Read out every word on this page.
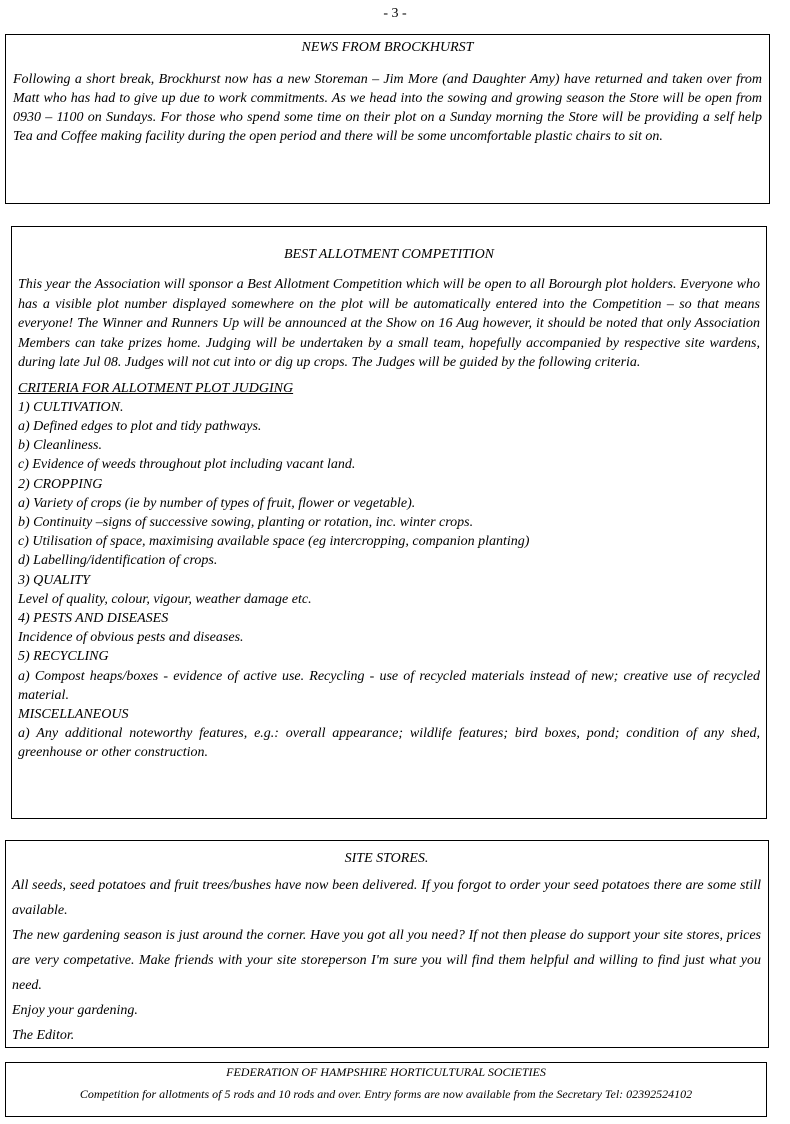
- 3 -
NEWS FROM BROCKHURST

Following a short break, Brockhurst now has a new Storeman – Jim More (and Daughter Amy) have returned and taken over from Matt who has had to give up due to work commitments. As we head into the sowing and growing season the Store will be open from 0930 – 1100 on Sundays. For those who spend some time on their plot on a Sunday morning the Store will be providing a self help Tea and Coffee making facility during the open period and there will be some uncomfortable plastic chairs to sit on.

BEST ALLOTMENT COMPETITION

This year the Association will sponsor a Best Allotment Competition which will be open to all Borourgh plot holders. Everyone who has a visible plot number displayed somewhere on the plot will be automatically entered into the Competition – so that means everyone! The Winner and Runners Up will be announced at the Show on 16 Aug however, it should be noted that only Association Members can take prizes home. Judging will be undertaken by a small team, hopefully accompanied by respective site wardens, during late Jul 08. Judges will not cut into or dig up crops. The Judges will be guided by the following criteria.

CRITERIA FOR ALLOTMENT PLOT JUDGING
1) CULTIVATION.
a) Defined edges to plot and tidy pathways.
b) Cleanliness.
c) Evidence of weeds throughout plot including vacant land.
2) CROPPING
a) Variety of crops (ie by number of types of fruit, flower or vegetable).
b) Continuity –signs of successive sowing, planting or rotation, inc. winter crops.
c) Utilisation of space, maximising available space (eg intercropping, companion planting)
d) Labelling/identification of crops.
3) QUALITY
Level of quality, colour, vigour, weather damage etc.
4) PESTS AND DISEASES
Incidence of obvious pests and diseases.
5) RECYCLING
a) Compost heaps/boxes - evidence of active use. Recycling - use of recycled materials instead of new; creative use of recycled material.
MISCELLANEOUS
a) Any additional noteworthy features, e.g.: overall appearance; wildlife features; bird boxes, pond; condition of any shed, greenhouse or other construction.
SITE STORES.

All seeds, seed potatoes and fruit trees/bushes have now been delivered. If you forgot to order your seed potatoes there are some still available.

The new gardening season is just around the corner. Have you got all you need? If not then please do support your site stores, prices are very competative. Make friends with your site storeperson I'm sure you will find them helpful and willing to find just what you need.

Enjoy your gardening.

The Editor.

FEDERATION OF HAMPSHIRE HORTICULTURAL SOCIETIES

Competition for allotments of 5 rods and 10 rods and over. Entry forms are now available from the Secretary Tel: 02392524102
